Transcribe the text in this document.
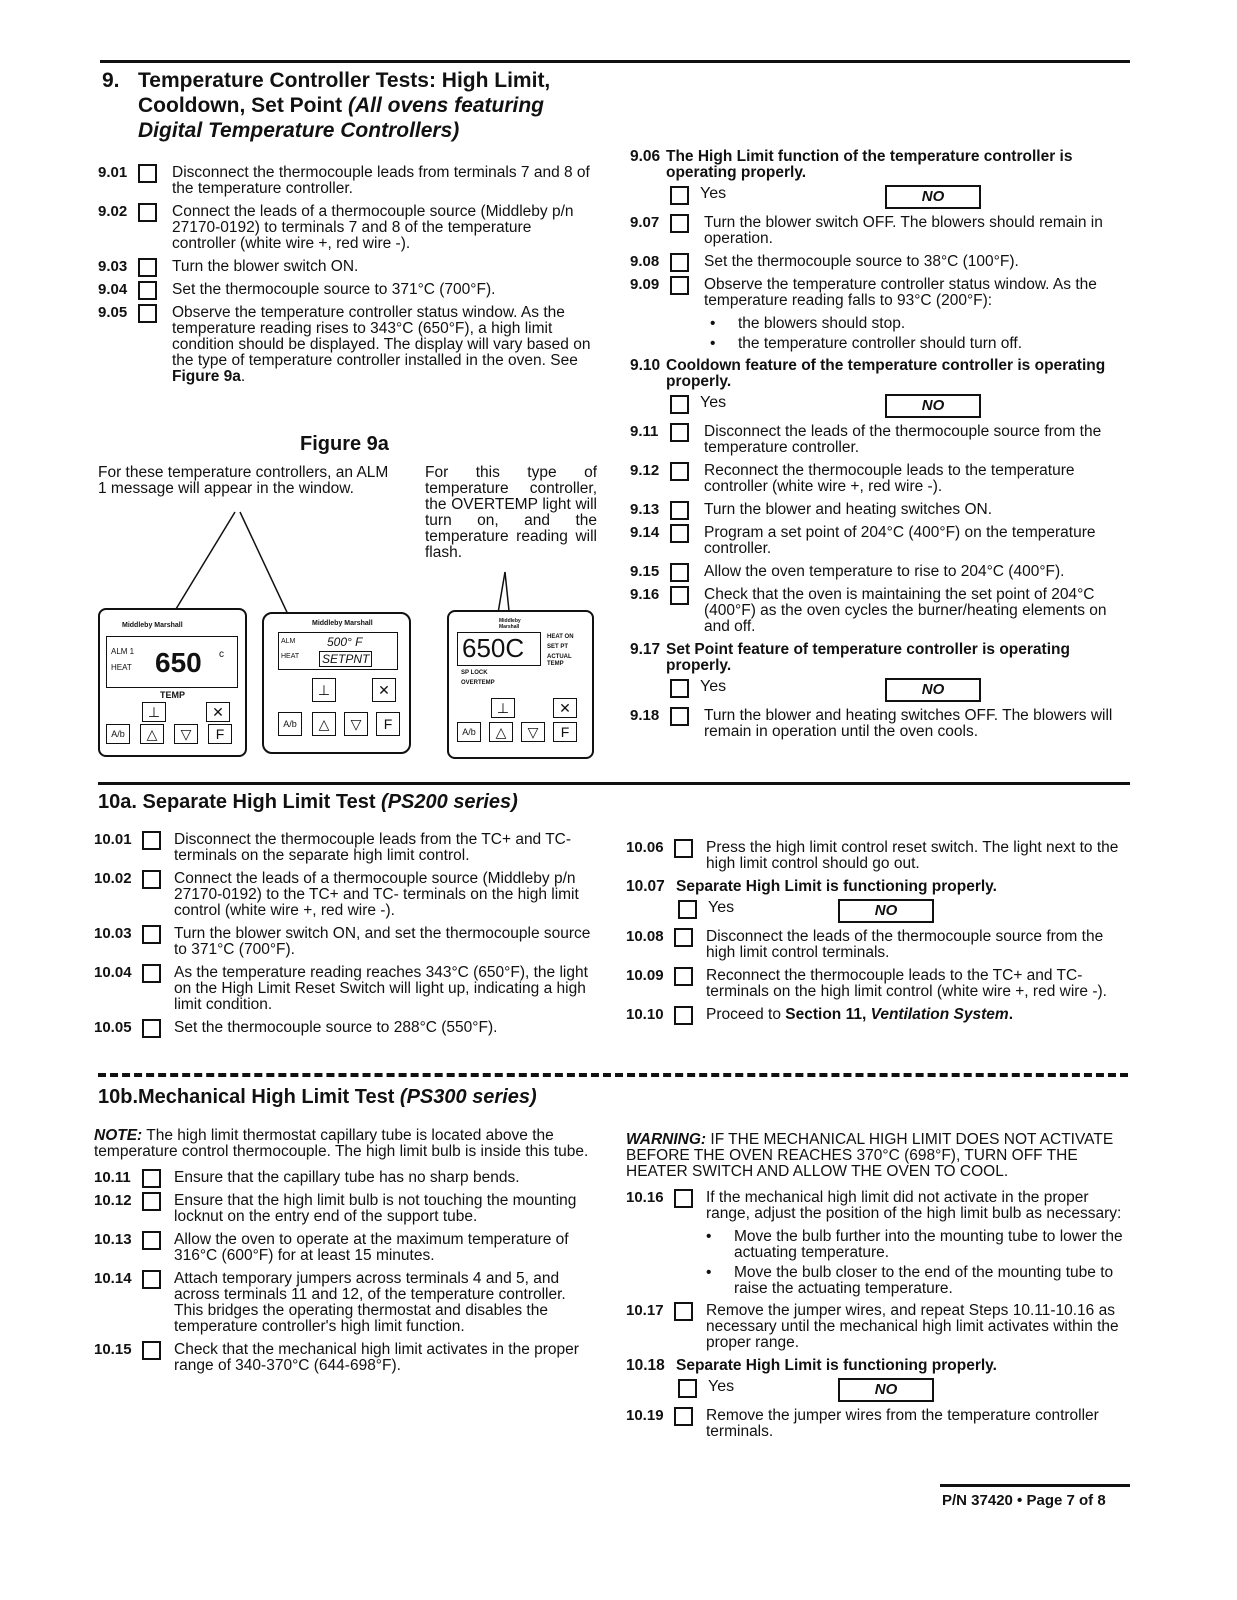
9. Temperature Controller Tests: High Limit,
Cooldown, Set Point (All ovens featuring
Digital Temperature Controllers)
9.01	Disconnect the thermocouple leads from terminals 7 and 8 of the temperature controller.
9.02	Connect the leads of a thermocouple source (Middleby p/n 27170-0192) to terminals 7 and 8 of the temperature controller (white wire +, red wire -).
9.03	Turn the blower switch ON.
9.04	Set the thermocouple source to 371°C (700°F).
9.05	Observe the temperature controller status window. As the temperature reading rises to 343°C (650°F), a high limit condition should be displayed. The display will vary based on the type of temperature controller installed in the oven. See Figure 9a.
Figure 9a
For these temperature controllers, an ALM 1 message will appear in the window.
For this type of temperature controller, the OVERTEMP light will turn on, and the temperature reading will flash.
Middleby Marshall
ALM 1
HEAT 650 c
TEMP
⊥	✕
A/b	△	▽	F
Middleby Marshall
ALM
HEAT
500° F
SETPNT
⊥	✕
A/b	△	▽	F
Middleby Marshall
650C	HEAT ON
SET PT
ACTUAL TEMP
SP LOCK
OVERTEMP
⊥	✕
A/b	△	▽	F
9.06 The High Limit function of the temperature controller is operating properly.
Yes	NO
9.07	Turn the blower switch OFF. The blowers should remain in operation.
9.08	Set the thermocouple source to 38°C (100°F).
9.09	Observe the temperature controller status window. As the temperature reading falls to 93°C (200°F):
• the blowers should stop.
• the temperature controller should turn off.
9.10 Cooldown feature of the temperature controller is operating properly.
Yes	NO
9.11	Disconnect the leads of the thermocouple source from the temperature controller.
9.12	Reconnect the thermocouple leads to the temperature controller (white wire +, red wire -).
9.13	Turn the blower and heating switches ON.
9.14	Program a set point of 204°C (400°F) on the temperature controller.
9.15	Allow the oven temperature to rise to 204°C (400°F).
9.16	Check that the oven is maintaining the set point of 204°C (400°F) as the oven cycles the burner/heating elements on and off.
9.17 Set Point feature of temperature controller is operating properly.
Yes	NO
9.18	Turn the blower and heating switches OFF. The blowers will remain in operation until the oven cools.
10a. Separate High Limit Test (PS200 series)
10.01	Disconnect the thermocouple leads from the TC+ and TC- terminals on the separate high limit control.
10.02	Connect the leads of a thermocouple source (Middleby p/n 27170-0192) to the TC+ and TC- terminals on the high limit control (white wire +, red wire -).
10.03	Turn the blower switch ON, and set the thermocouple source to 371°C (700°F).
10.04	As the temperature reading reaches 343°C (650°F), the light on the High Limit Reset Switch will light up, indicating a high limit condition.
10.05	Set the thermocouple source to 288°C (550°F).
10.06	Press the high limit control reset switch. The light next to the high limit control should go out.
10.07 Separate High Limit is functioning properly.
Yes	NO
10.08	Disconnect the leads of the thermocouple source from the high limit control terminals.
10.09	Reconnect the thermocouple leads to the TC+ and TC- terminals on the high limit control (white wire +, red wire -).
10.10	Proceed to Section 11, Ventilation System.
10b.Mechanical High Limit Test (PS300 series)
NOTE: The high limit thermostat capillary tube is located above the temperature control thermocouple. The high limit bulb is inside this tube.
10.11	Ensure that the capillary tube has no sharp bends.
10.12	Ensure that the high limit bulb is not touching the mounting locknut on the entry end of the support tube.
10.13	Allow the oven to operate at the maximum temperature of 316°C (600°F) for at least 15 minutes.
10.14	Attach temporary jumpers across terminals 4 and 5, and across terminals 11 and 12, of the temperature controller. This bridges the operating thermostat and disables the temperature controller's high limit function.
10.15	Check that the mechanical high limit activates in the proper range of 340-370°C (644-698°F).
WARNING: IF THE MECHANICAL HIGH LIMIT DOES NOT ACTIVATE BEFORE THE OVEN REACHES 370°C (698°F), TURN OFF THE HEATER SWITCH AND ALLOW THE OVEN TO COOL.
10.16	If the mechanical high limit did not activate in the proper range, adjust the position of the high limit bulb as necessary:
• Move the bulb further into the mounting tube to lower the actuating temperature.
• Move the bulb closer to the end of the mounting tube to raise the actuating temperature.
10.17	Remove the jumper wires, and repeat Steps 10.11-10.16 as necessary until the mechanical high limit activates within the proper range.
10.18 Separate High Limit is functioning properly.
Yes	NO
10.19	Remove the jumper wires from the temperature controller terminals.
P/N 37420 • Page 7 of 8
